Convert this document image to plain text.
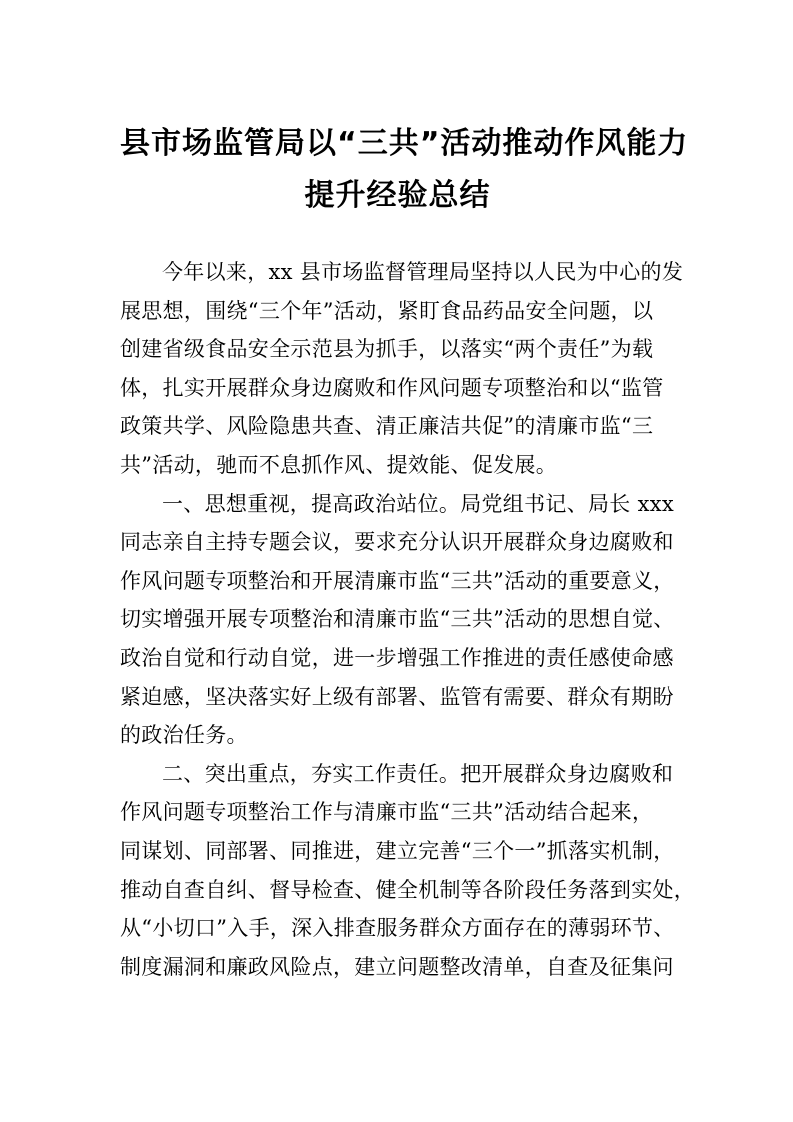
县市场监管局以“三共”活动推动作风能力
提升经验总结

今年以来，xx 县市场监督管理局坚持以人民为中心的发
展思想，围绕“三个年”活动，紧盯食品药品安全问题，以
创建省级食品安全示范县为抓手，以落实“两个责任”为载
体，扎实开展群众身边腐败和作风问题专项整治和以“监管
政策共学、风险隐患共查、清正廉洁共促”的清廉市监“三
共”活动，驰而不息抓作风、提效能、促发展。

一、思想重视，提高政治站位。局党组书记、局长 xxx
同志亲自主持专题会议，要求充分认识开展群众身边腐败和
作风问题专项整治和开展清廉市监“三共”活动的重要意义，
切实增强开展专项整治和清廉市监“三共”活动的思想自觉、
政治自觉和行动自觉，进一步增强工作推进的责任感使命感
紧迫感，坚决落实好上级有部署、监管有需要、群众有期盼
的政治任务。

二、突出重点，夯实工作责任。把开展群众身边腐败和
作风问题专项整治工作与清廉市监“三共”活动结合起来，
同谋划、同部署、同推进，建立完善“三个一”抓落实机制，
推动自查自纠、督导检查、健全机制等各阶段任务落到实处，
从“小切口”入手，深入排查服务群众方面存在的薄弱环节、
制度漏洞和廉政风险点，建立问题整改清单，自查及征集问
